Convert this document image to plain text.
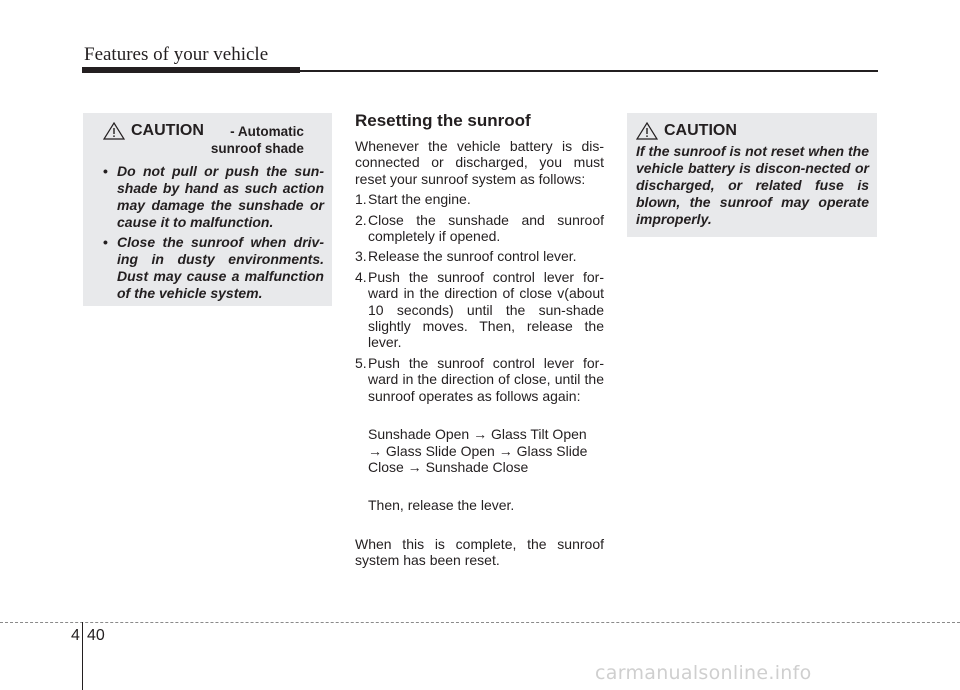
Features of your vehicle
CAUTION	- Automatic sunroof shade
• Do not pull or push the sun-shade by hand as such action may damage the sunshade or cause it to malfunction.
• Close the sunroof when driv-ing in dusty environments. Dust may cause a malfunction of the vehicle system.
Resetting the sunroof

Whenever the vehicle battery is dis-connected or discharged, you must reset your sunroof system as follows:

1. Start the engine.
2. Close the sunshade and sunroof completely if opened.
3. Release the sunroof control lever.
4. Push the sunroof control lever for-ward in the direction of close v(about 10 seconds) until the sun-shade slightly moves. Then, release the lever.
5. Push the sunroof control lever for-ward in the direction of close, until the sunroof operates as follows again:

Sunshade Open → Glass Tilt Open → Glass Slide Open → Glass Slide Close → Sunshade Close

Then, release the lever.

When this is complete, the sunroof system has been reset.

CAUTION
If the sunroof is not reset when the vehicle battery is discon-nected or discharged, or related fuse is blown, the sunroof may operate improperly.
4 40
carmanualsonline.info
